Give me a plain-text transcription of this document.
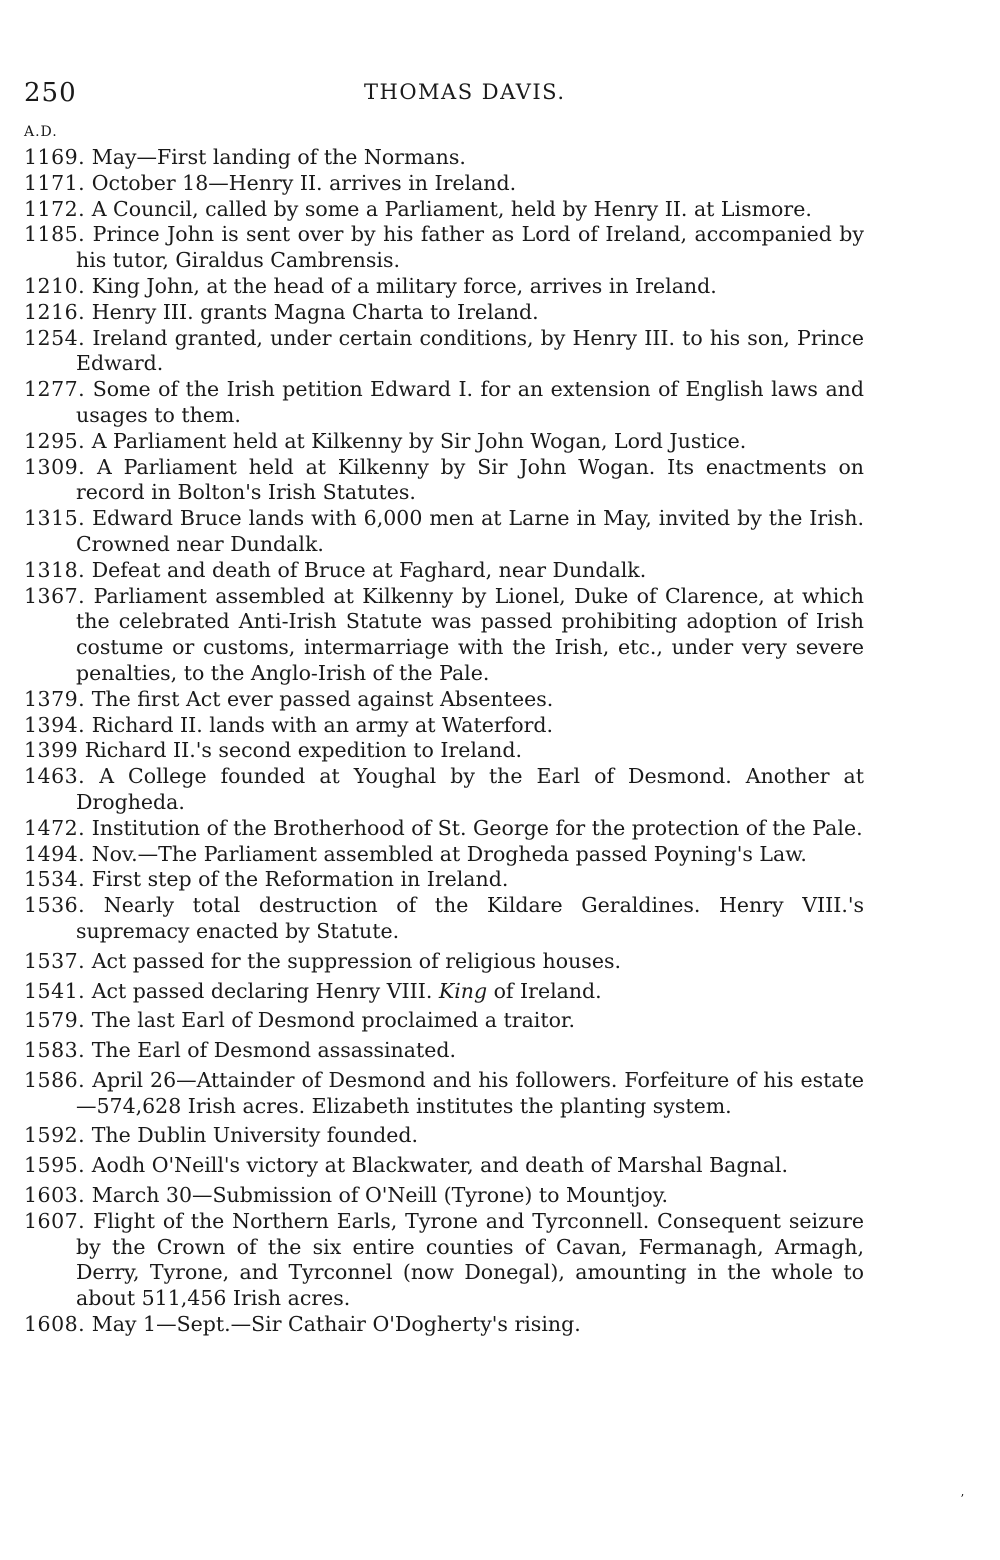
250	THOMAS DAVIS.
A.D.
1169. May—First landing of the Normans.
1171. October 18—Henry II. arrives in Ireland.
1172. A Council, called by some a Parliament, held by Henry II. at Lismore.
1185. Prince John is sent over by his father as Lord of Ireland, accompanied by his tutor, Giraldus Cambrensis.
1210. King John, at the head of a military force, arrives in Ireland.
1216. Henry III. grants Magna Charta to Ireland.
1254. Ireland granted, under certain conditions, by Henry III. to his son, Prince Edward.
1277. Some of the Irish petition Edward I. for an extension of English laws and usages to them.
1295. A Parliament held at Kilkenny by Sir John Wogan, Lord Justice.
1309. A Parliament held at Kilkenny by Sir John Wogan. Its enactments on record in Bolton's Irish Statutes.
1315. Edward Bruce lands with 6,000 men at Larne in May, invited by the Irish. Crowned near Dundalk.
1318. Defeat and death of Bruce at Faghard, near Dundalk.
1367. Parliament assembled at Kilkenny by Lionel, Duke of Clarence, at which the celebrated Anti-Irish Statute was passed prohibiting adoption of Irish costume or customs, intermarriage with the Irish, etc., under very severe penalties, to the Anglo-Irish of the Pale.
1379. The first Act ever passed against Absentees.
1394. Richard II. lands with an army at Waterford.
1399 Richard II.'s second expedition to Ireland.
1463. A College founded at Youghal by the Earl of Desmond. Another at Drogheda.
1472. Institution of the Brotherhood of St. George for the protection of the Pale.
1494. Nov.—The Parliament assembled at Drogheda passed Poyning's Law.
1534. First step of the Reformation in Ireland.
1536. Nearly total destruction of the Kildare Geraldines. Henry VIII.'s supremacy enacted by Statute.
1537. Act passed for the suppression of religious houses.
1541. Act passed declaring Henry VIII. King of Ireland.
1579. The last Earl of Desmond proclaimed a traitor.
1583. The Earl of Desmond assassinated.
1586. April 26—Attainder of Desmond and his followers. Forfeiture of his estate—574,628 Irish acres. Elizabeth institutes the planting system.
1592. The Dublin University founded.
1595. Aodh O'Neill's victory at Blackwater, and death of Marshal Bagnal.
1603. March 30—Submission of O'Neill (Tyrone) to Mountjoy.
1607. Flight of the Northern Earls, Tyrone and Tyrconnell. Consequent seizure by the Crown of the six entire counties of Cavan, Fermanagh, Armagh, Derry, Tyrone, and Tyrconnel (now Donegal), amounting in the whole to about 511,456 Irish acres.
1608. May 1—Sept.—Sir Cathair O'Dogherty's rising.
ʼ
